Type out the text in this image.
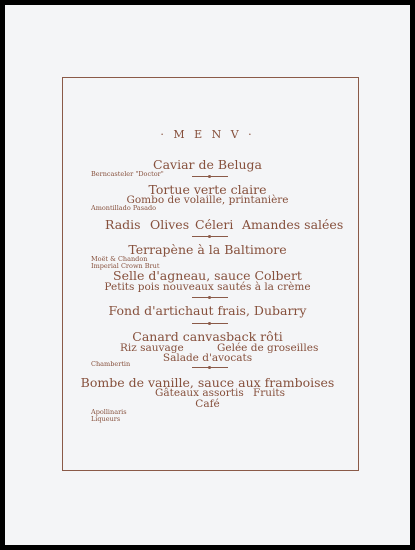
· M E N V ·
Caviar de Beluga
Berncasteler "Doctor"
Tortue verte claire
Gombo de volaille, printanière
Amontillado Pasado
Radis Olives Céleri Amandes salées
Terrapène à la Baltimore
Moët & Chandon
Imperial Crown Brut
Selle d'agneau, sauce Colbert
Petits pois nouveaux sautés à la crème
Fond d'artichaut frais, Dubarry
Canard canvasback rôti
Riz sauvage	Gelée de groseilles
Salade d'avocats
Chambertin
Bombe de vanille, sauce aux framboises
Gâteaux assortis Fruits
Café
Apollinaris
Liqueurs
